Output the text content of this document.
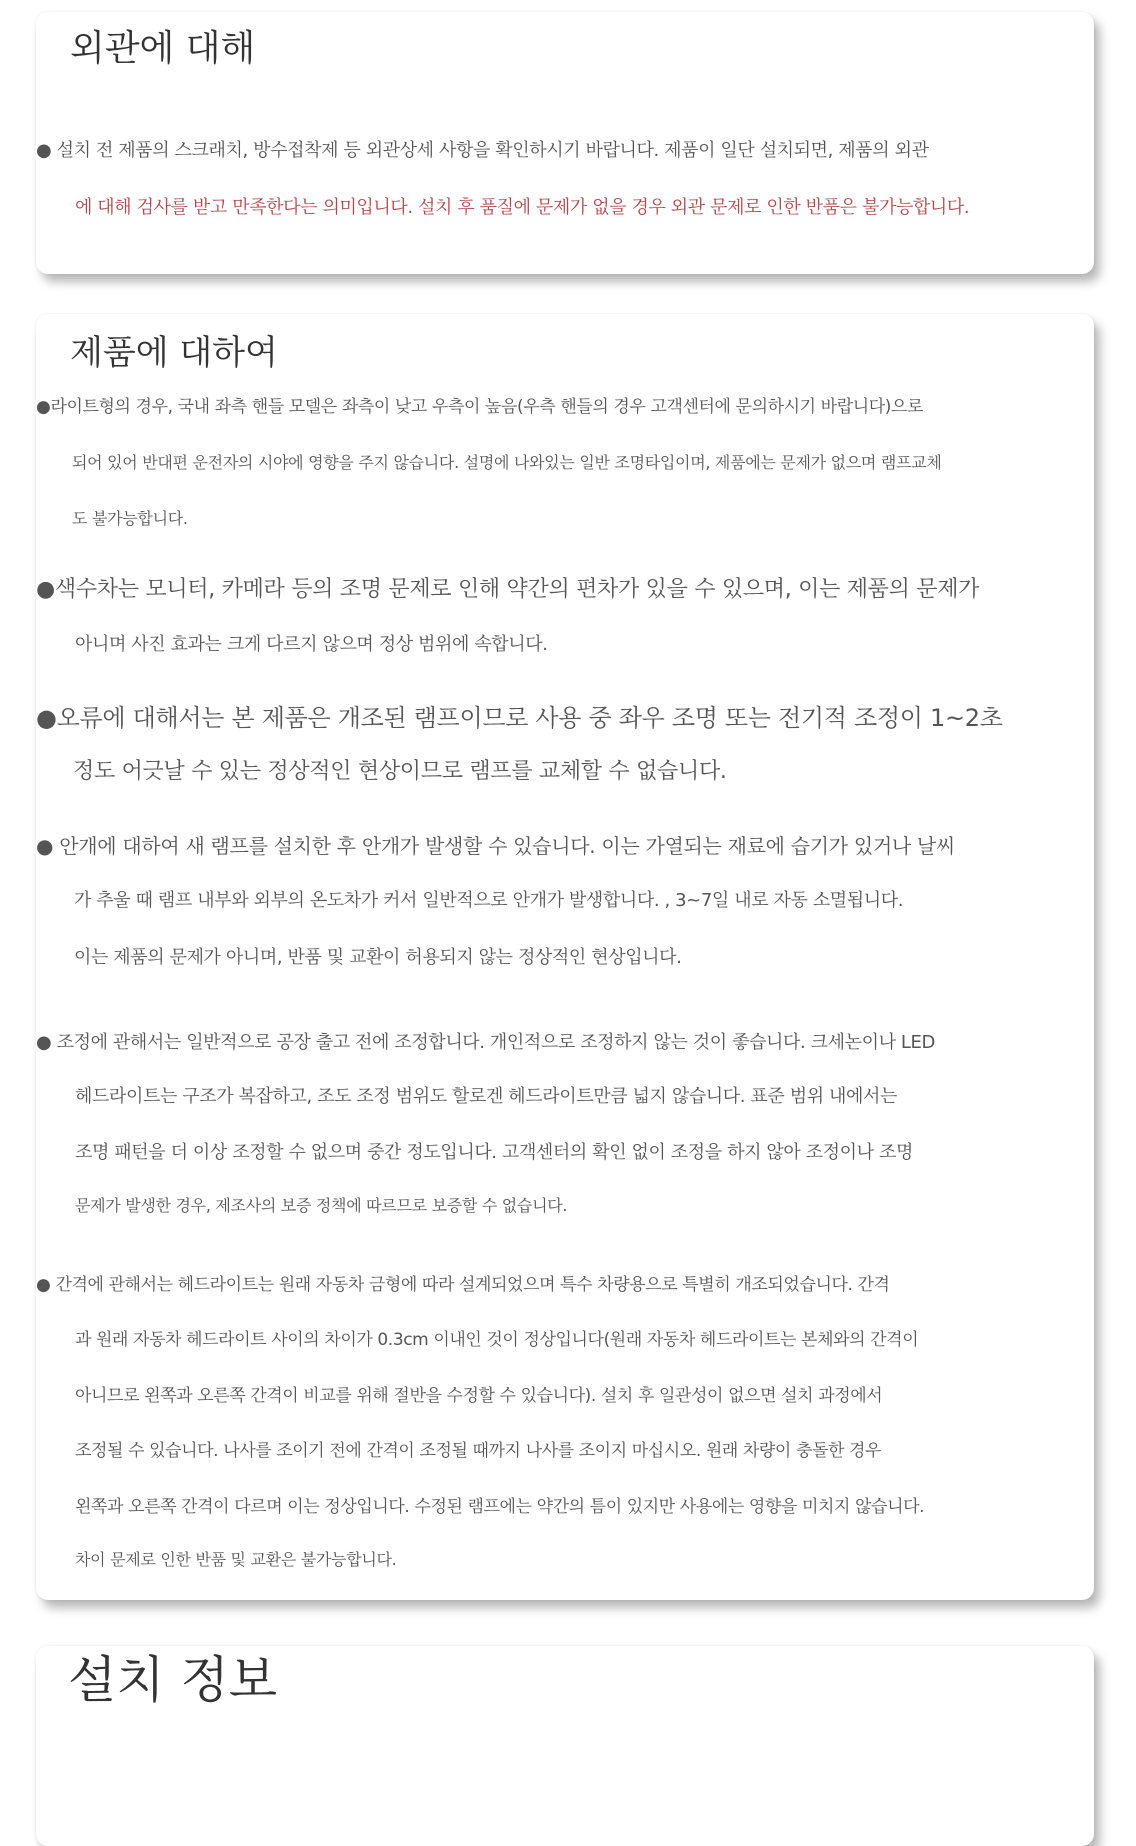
외관에 대해
● 설치 전 제품의 스크래치, 방수접착제 등 외관상세 사항을 확인하시기 바랍니다. 제품이 일단 설치되면, 제품의 외관
에 대해 검사를 받고 만족한다는 의미입니다. 설치 후 품질에 문제가 없을 경우 외관 문제로 인한 반품은 불가능합니다.
제품에 대하여
●라이트형의 경우, 국내 좌측 핸들 모델은 좌측이 낮고 우측이 높음(우측 핸들의 경우 고객센터에 문의하시기 바랍니다)으로
되어 있어 반대편 운전자의 시야에 영향을 주지 않습니다. 설명에 나와있는 일반 조명타입이며, 제품에는 문제가 없으며 램프교체
도 불가능합니다.
●색수차는 모니터, 카메라 등의 조명 문제로 인해 약간의 편차가 있을 수 있으며, 이는 제품의 문제가
아니며 사진 효과는 크게 다르지 않으며 정상 범위에 속합니다.
●오류에 대해서는 본 제품은 개조된 램프이므로 사용 중 좌우 조명 또는 전기적 조정이 1~2초
정도 어긋날 수 있는 정상적인 현상이므로 램프를 교체할 수 없습니다.
● 안개에 대하여 새 램프를 설치한 후 안개가 발생할 수 있습니다. 이는 가열되는 재료에 습기가 있거나 날씨
가 추울 때 램프 내부와 외부의 온도차가 커서 일반적으로 안개가 발생합니다. , 3~7일 내로 자동 소멸됩니다.
이는 제품의 문제가 아니며, 반품 및 교환이 허용되지 않는 정상적인 현상입니다.
● 조정에 관해서는 일반적으로 공장 출고 전에 조정합니다. 개인적으로 조정하지 않는 것이 좋습니다. 크세논이나 LED
헤드라이트는 구조가 복잡하고, 조도 조정 범위도 할로겐 헤드라이트만큼 넓지 않습니다. 표준 범위 내에서는
조명 패턴을 더 이상 조정할 수 없으며 중간 정도입니다. 고객센터의 확인 없이 조정을 하지 않아 조정이나 조명
문제가 발생한 경우, 제조사의 보증 정책에 따르므로 보증할 수 없습니다.
● 간격에 관해서는 헤드라이트는 원래 자동차 금형에 따라 설계되었으며 특수 차량용으로 특별히 개조되었습니다. 간격
과 원래 자동차 헤드라이트 사이의 차이가 0.3cm 이내인 것이 정상입니다(원래 자동차 헤드라이트는 본체와의 간격이
아니므로 왼쪽과 오른쪽 간격이 비교를 위해 절반을 수정할 수 있습니다). 설치 후 일관성이 없으면 설치 과정에서
조정될 수 있습니다. 나사를 조이기 전에 간격이 조정될 때까지 나사를 조이지 마십시오. 원래 차량이 충돌한 경우
왼쪽과 오른쪽 간격이 다르며 이는 정상입니다. 수정된 램프에는 약간의 틈이 있지만 사용에는 영향을 미치지 않습니다.
차이 문제로 인한 반품 및 교환은 불가능합니다.
설치 정보
